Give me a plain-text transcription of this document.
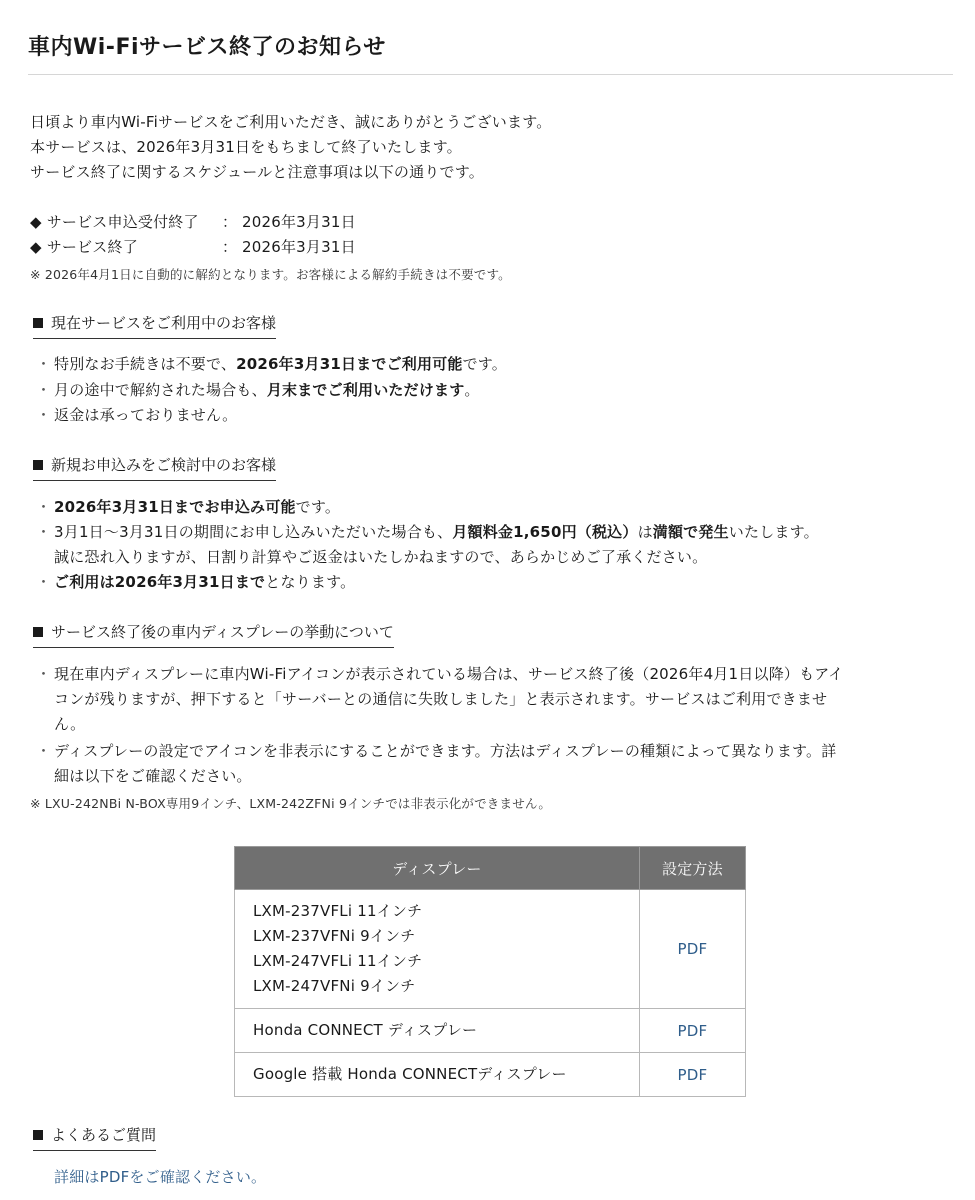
車内Wi-Fiサービス終了のお知らせ
日頃より車内Wi-Fiサービスをご利用いただき、誠にありがとうございます。
本サービスは、2026年3月31日をもちまして終了いたします。
サービス終了に関するスケジュールと注意事項は以下の通りです。
◆ サービス申込受付終了 ： 2026年3月31日
◆ サービス終了	： 2026年3月31日
※ 2026年4月1日に自動的に解約となります。お客様による解約手続きは不要です。
現在サービスをご利用中のお客様
・ 特別なお手続きは不要で、2026年3月31日までご利用可能です。
・ 月の途中で解約された場合も、月末までご利用いただけます。
・ 返金は承っておりません。
新規お申込みをご検討中のお客様
・ 2026年3月31日までお申込み可能です。
・ 3月1日〜3月31日の期間にお申し込みいただいた場合も、月額料金1,650円（税込）は満額で発生いたします。
誠に恐れ入りますが、日割り計算やご返金はいたしかねますので、あらかじめご了承ください。
・ ご利用は2026年3月31日までとなります。
サービス終了後の車内ディスプレーの挙動について
・ 現在車内ディスプレーに車内Wi-Fiアイコンが表示されている場合は、サービス終了後（2026年4月1日以降）もアイ
コンが残りますが、押下すると「サーバーとの通信に失敗しました」と表示されます。サービスはご利用できませ
ん。
・ ディスプレーの設定でアイコンを非表示にすることができます。方法はディスプレーの種類によって異なります。詳
細は以下をご確認ください。
※ LXU-242NBi N-BOX専用9インチ、LXM-242ZFNi 9インチでは非表示化ができません。
ディスプレー	設定方法

LXM-237VFLi 11インチ
LXM-237VFNi 9インチ
LXM-247VFLi 11インチ
LXM-247VFNi 9インチ	PDF

Honda CONNECT ディスプレー	PDF

Google 搭載 Honda CONNECTディスプレー	PDF
よくあるご質問
詳細はPDFをご確認ください。
